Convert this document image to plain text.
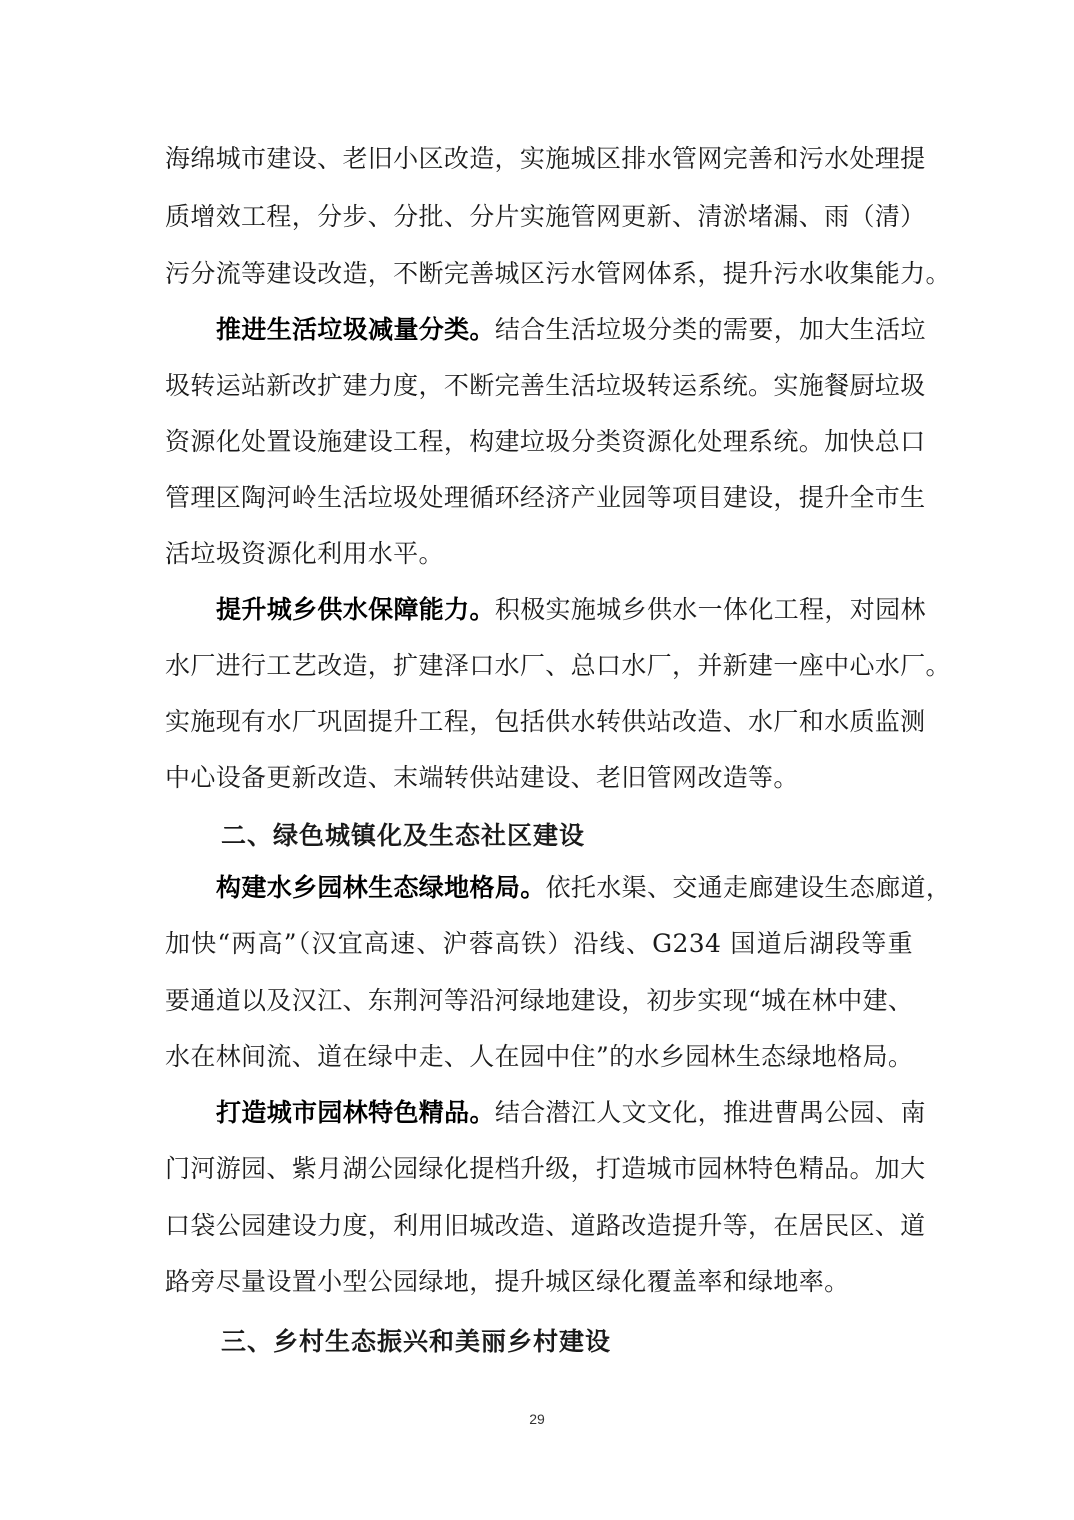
海绵城市建设、老旧小区改造，实施城区排水管网完善和污水处理提
质增效工程，分步、分批、分片实施管网更新、清淤堵漏、雨（清）
污分流等建设改造，不断完善城区污水管网体系，提升污水收集能力。
推进生活垃圾减量分类。结合生活垃圾分类的需要，加大生活垃
圾转运站新改扩建力度，不断完善生活垃圾转运系统。实施餐厨垃圾
资源化处置设施建设工程，构建垃圾分类资源化处理系统。加快总口
管理区陶河岭生活垃圾处理循环经济产业园等项目建设，提升全市生
活垃圾资源化利用水平。
提升城乡供水保障能力。积极实施城乡供水一体化工程，对园林
水厂进行工艺改造，扩建泽口水厂、总口水厂，并新建一座中心水厂。
实施现有水厂巩固提升工程，包括供水转供站改造、水厂和水质监测
中心设备更新改造、末端转供站建设、老旧管网改造等。
二、绿色城镇化及生态社区建设
构建水乡园林生态绿地格局。依托水渠、交通走廊建设生态廊道，
加快“两高”（汉宜高速、沪蓉高铁）沿线、G234 国道后湖段等重
要通道以及汉江、东荆河等沿河绿地建设，初步实现“城在林中建、
水在林间流、道在绿中走、人在园中住”的水乡园林生态绿地格局。
打造城市园林特色精品。结合潜江人文文化，推进曹禺公园、南
门河游园、紫月湖公园绿化提档升级，打造城市园林特色精品。加大
口袋公园建设力度，利用旧城改造、道路改造提升等，在居民区、道
路旁尽量设置小型公园绿地，提升城区绿化覆盖率和绿地率。
三、乡村生态振兴和美丽乡村建设
29
